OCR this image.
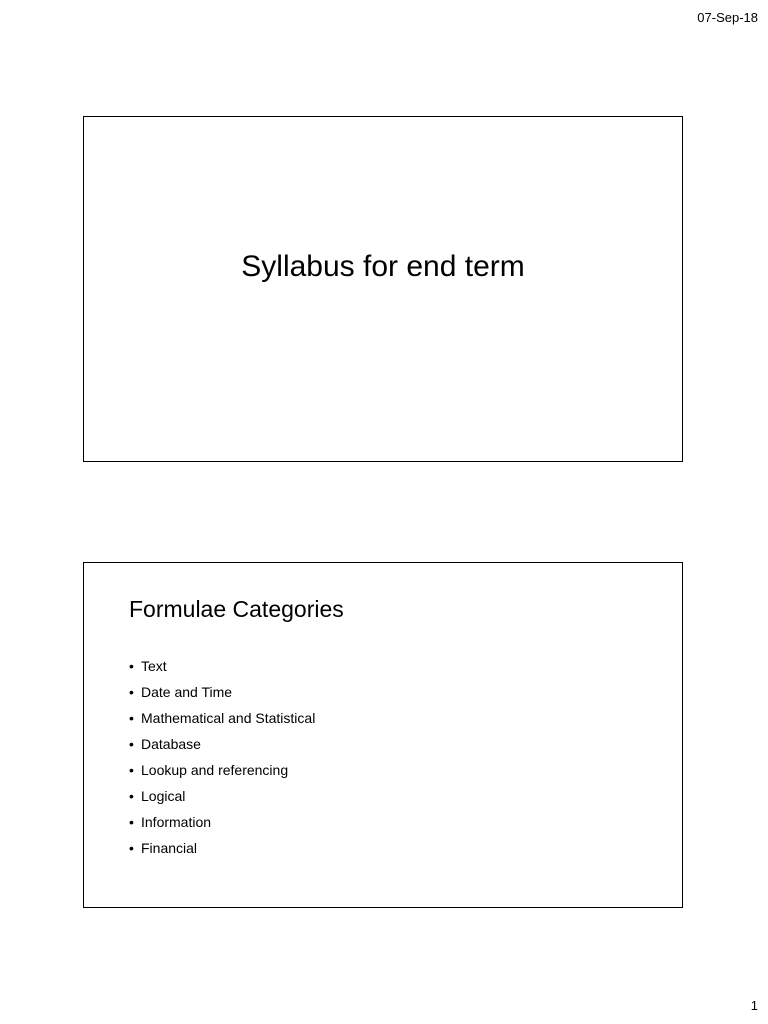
07-Sep-18
Syllabus for end term
Formulae Categories
• Text
• Date and Time
• Mathematical and Statistical
• Database
• Lookup and referencing
• Logical
• Information
• Financial
1
